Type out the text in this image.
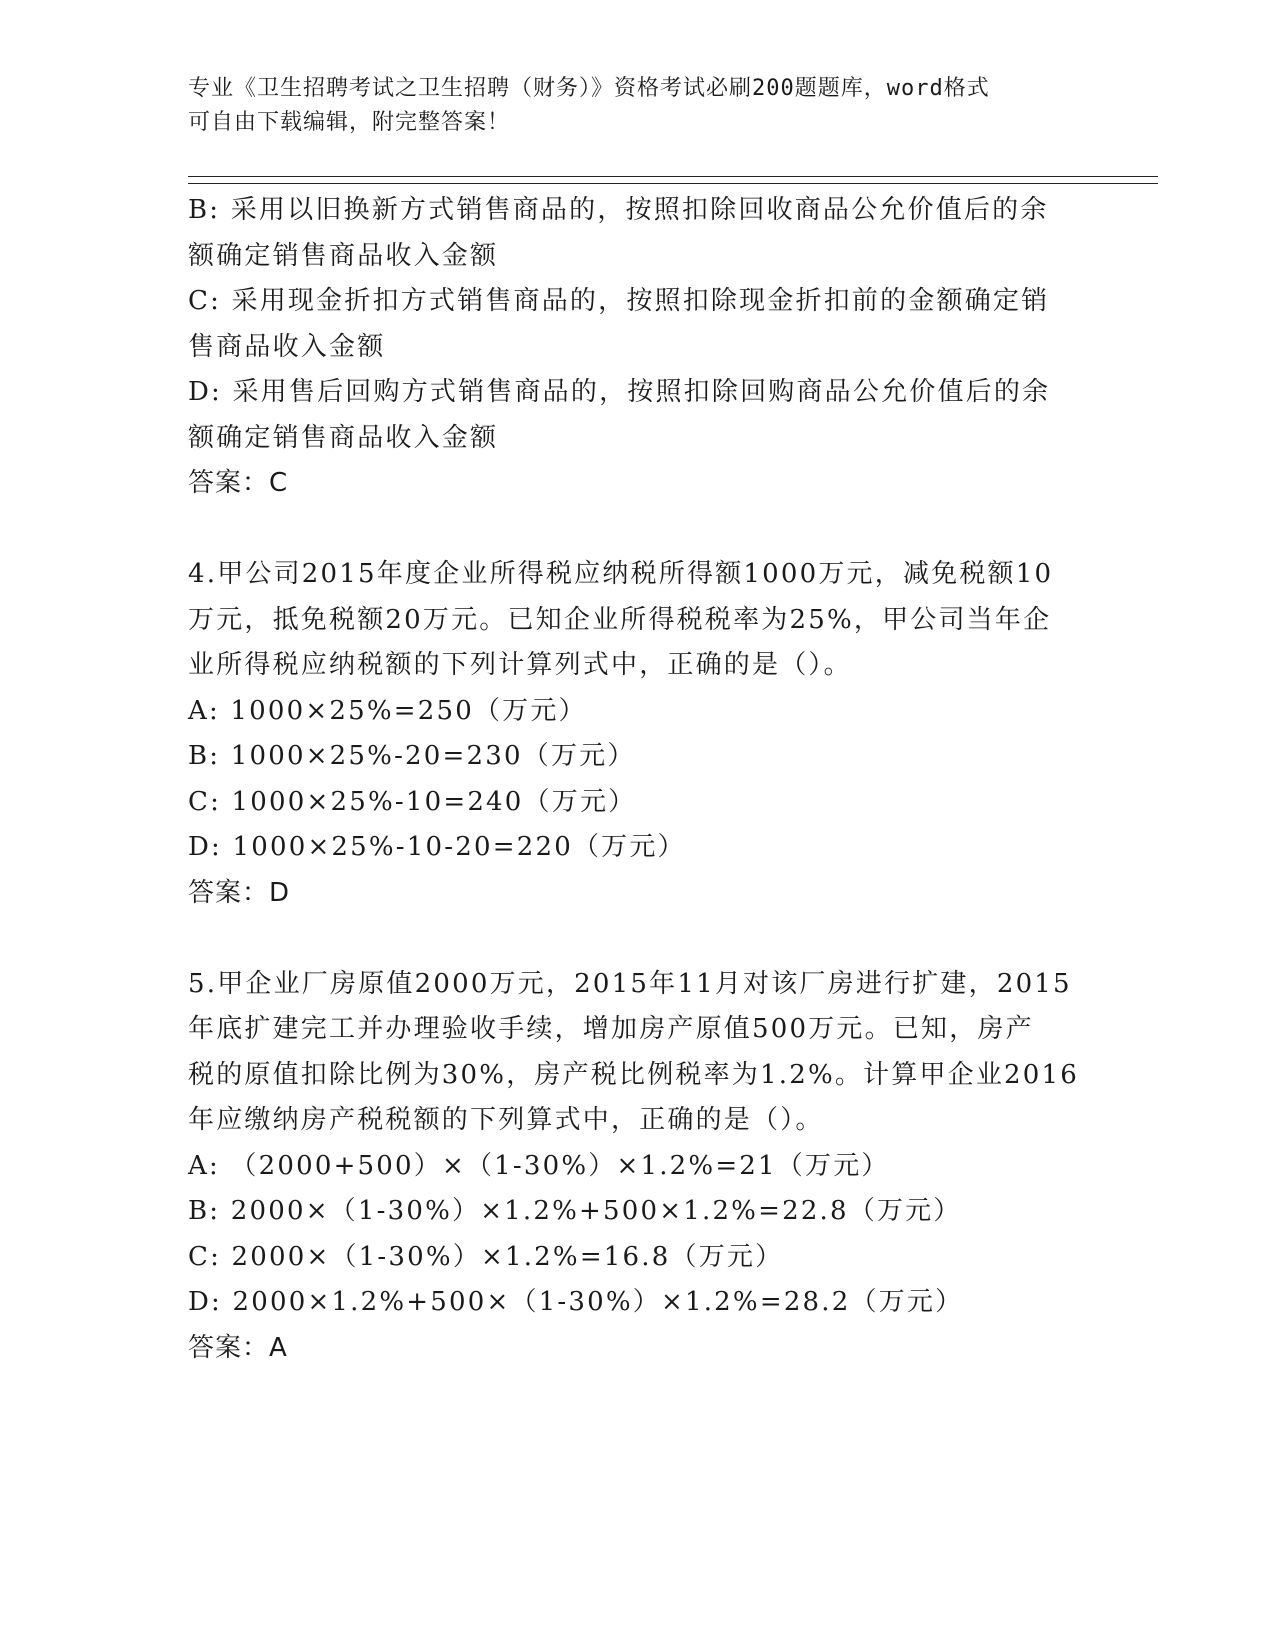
专业《卫生招聘考试之卫生招聘（财务）》资格考试必刷200题题库，word格式
可自由下载编辑，附完整答案！
B: 采用以旧换新方式销售商品的，按照扣除回收商品公允价值后的余
额确定销售商品收入金额
C: 采用现金折扣方式销售商品的，按照扣除现金折扣前的金额确定销
售商品收入金额
D: 采用售后回购方式销售商品的，按照扣除回购商品公允价值后的余
额确定销售商品收入金额
答案：C
4.甲公司2015年度企业所得税应纳税所得额1000万元，减免税额10
万元，抵免税额20万元。已知企业所得税税率为25%，甲公司当年企
业所得税应纳税额的下列计算列式中，正确的是（）。
A: 1000×25%=250（万元）
B: 1000×25%-20=230（万元）
C: 1000×25%-10=240（万元）
D: 1000×25%-10-20=220（万元）
答案：D
5.甲企业厂房原值2000万元，2015年11月对该厂房进行扩建，2015
年底扩建完工并办理验收手续，增加房产原值500万元。已知，房产
税的原值扣除比例为30%，房产税比例税率为1.2%。计算甲企业2016
年应缴纳房产税税额的下列算式中，正确的是（）。
A: （2000+500）×（1-30%）×1.2%=21（万元）
B: 2000×（1-30%）×1.2%+500×1.2%=22.8（万元）
C: 2000×（1-30%）×1.2%=16.8（万元）
D: 2000×1.2%+500×（1-30%）×1.2%=28.2（万元）
答案：A
